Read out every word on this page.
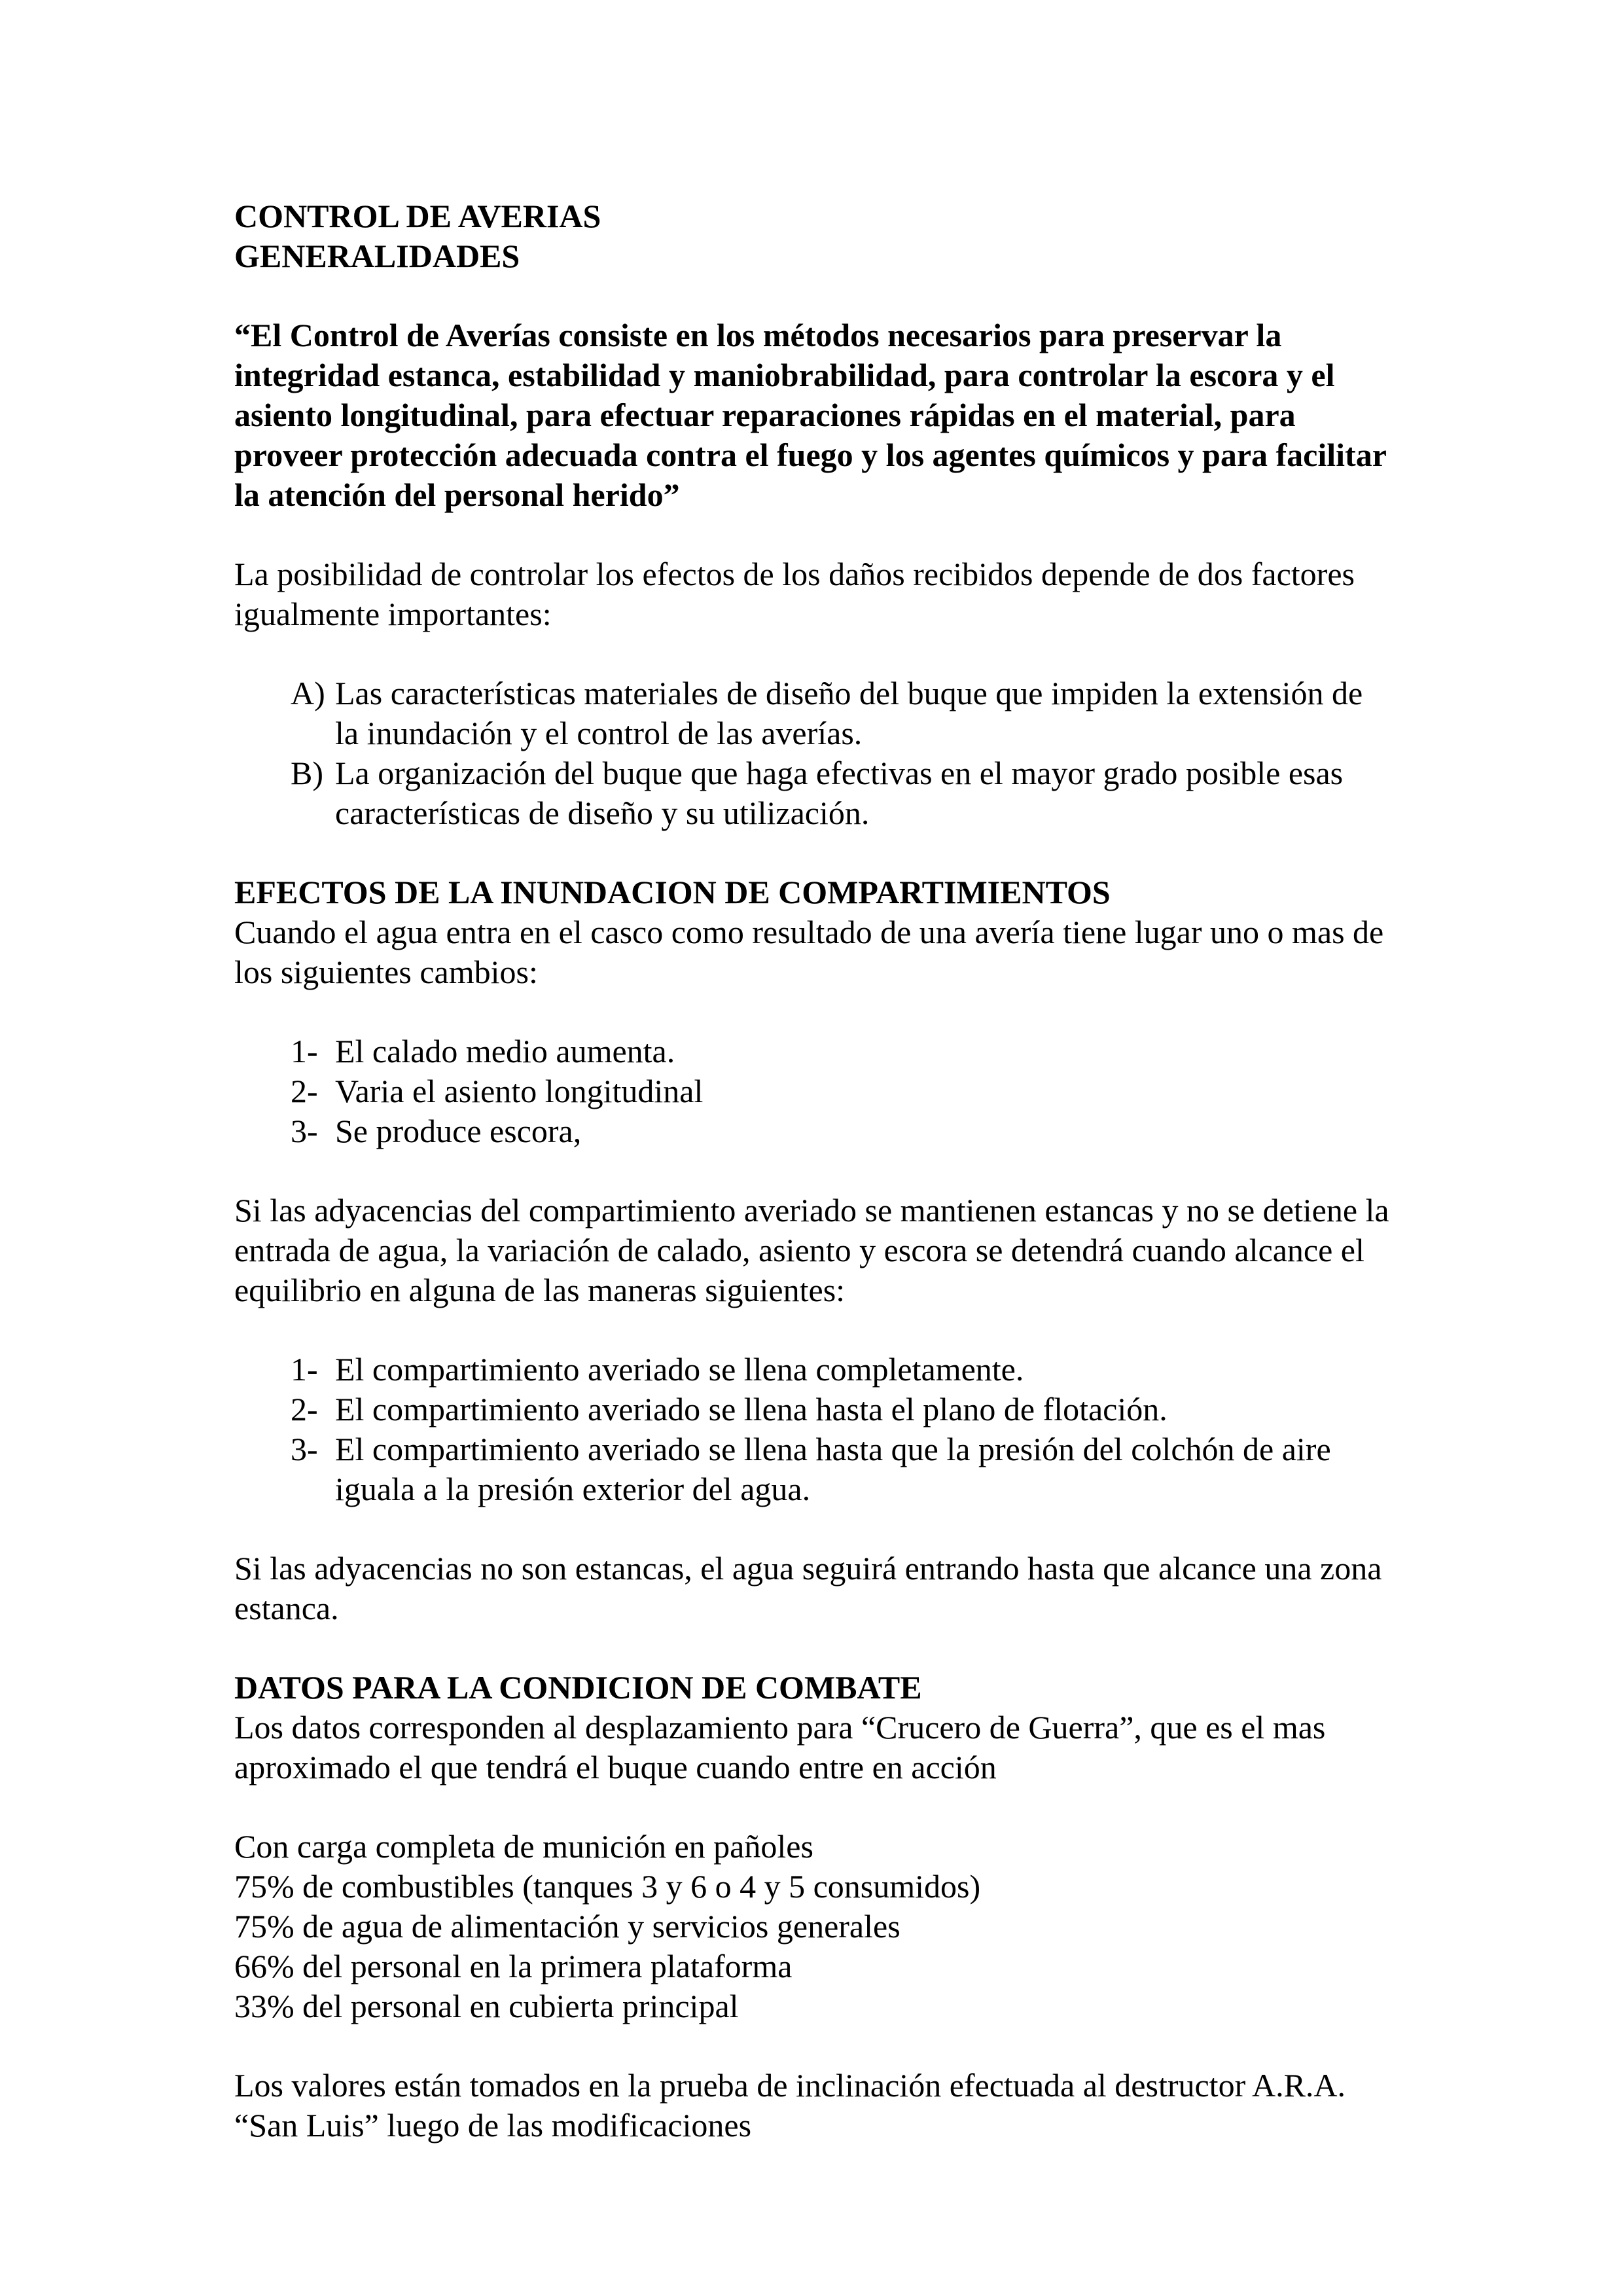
CONTROL DE AVERIAS
GENERALIDADES

“El Control de Averías consiste en los métodos necesarios para preservar la integridad estanca, estabilidad y maniobrabilidad, para controlar la escora y el asiento longitudinal, para efectuar reparaciones rápidas en el material, para proveer protección adecuada contra el fuego y los agentes químicos y para facilitar la atención del personal herido”

La posibilidad de controlar los efectos de los daños recibidos depende de dos factores igualmente importantes:

A) Las características materiales de diseño del buque que impiden la extensión de la inundación y el control de las averías.
B) La organización del buque que haga efectivas en el mayor grado posible esas características de diseño y su utilización.
EFECTOS DE LA INUNDACION DE COMPARTIMIENTOS

Cuando el agua entra en el casco como resultado de una avería tiene lugar uno o mas de los siguientes cambios:

1- El calado medio aumenta.
2- Varia el asiento longitudinal
3- Se produce escora,

Si las adyacencias del compartimiento averiado se mantienen estancas y no se detiene la entrada de agua, la variación de calado, asiento y escora se detendrá cuando alcance el equilibrio en alguna de las maneras siguientes:

1- El compartimiento averiado se llena completamente.
2- El compartimiento averiado se llena hasta el plano de flotación.
3- El compartimiento averiado se llena hasta que la presión del colchón de aire iguala a la presión exterior del agua.

Si las adyacencias no son estancas, el agua seguirá entrando hasta que alcance una zona estanca.

DATOS PARA LA CONDICION DE COMBATE

Los datos corresponden al desplazamiento para “Crucero de Guerra”, que es el mas aproximado el que tendrá el buque cuando entre en acción

Con carga completa de munición en pañoles

75% de combustibles (tanques 3 y 6 o 4 y 5 consumidos)

75% de agua de alimentación y servicios generales

66% del personal en la primera plataforma

33% del personal en cubierta principal

Los valores están tomados en la prueba de inclinación efectuada al destructor A.R.A. “San Luis” luego de las modificaciones
